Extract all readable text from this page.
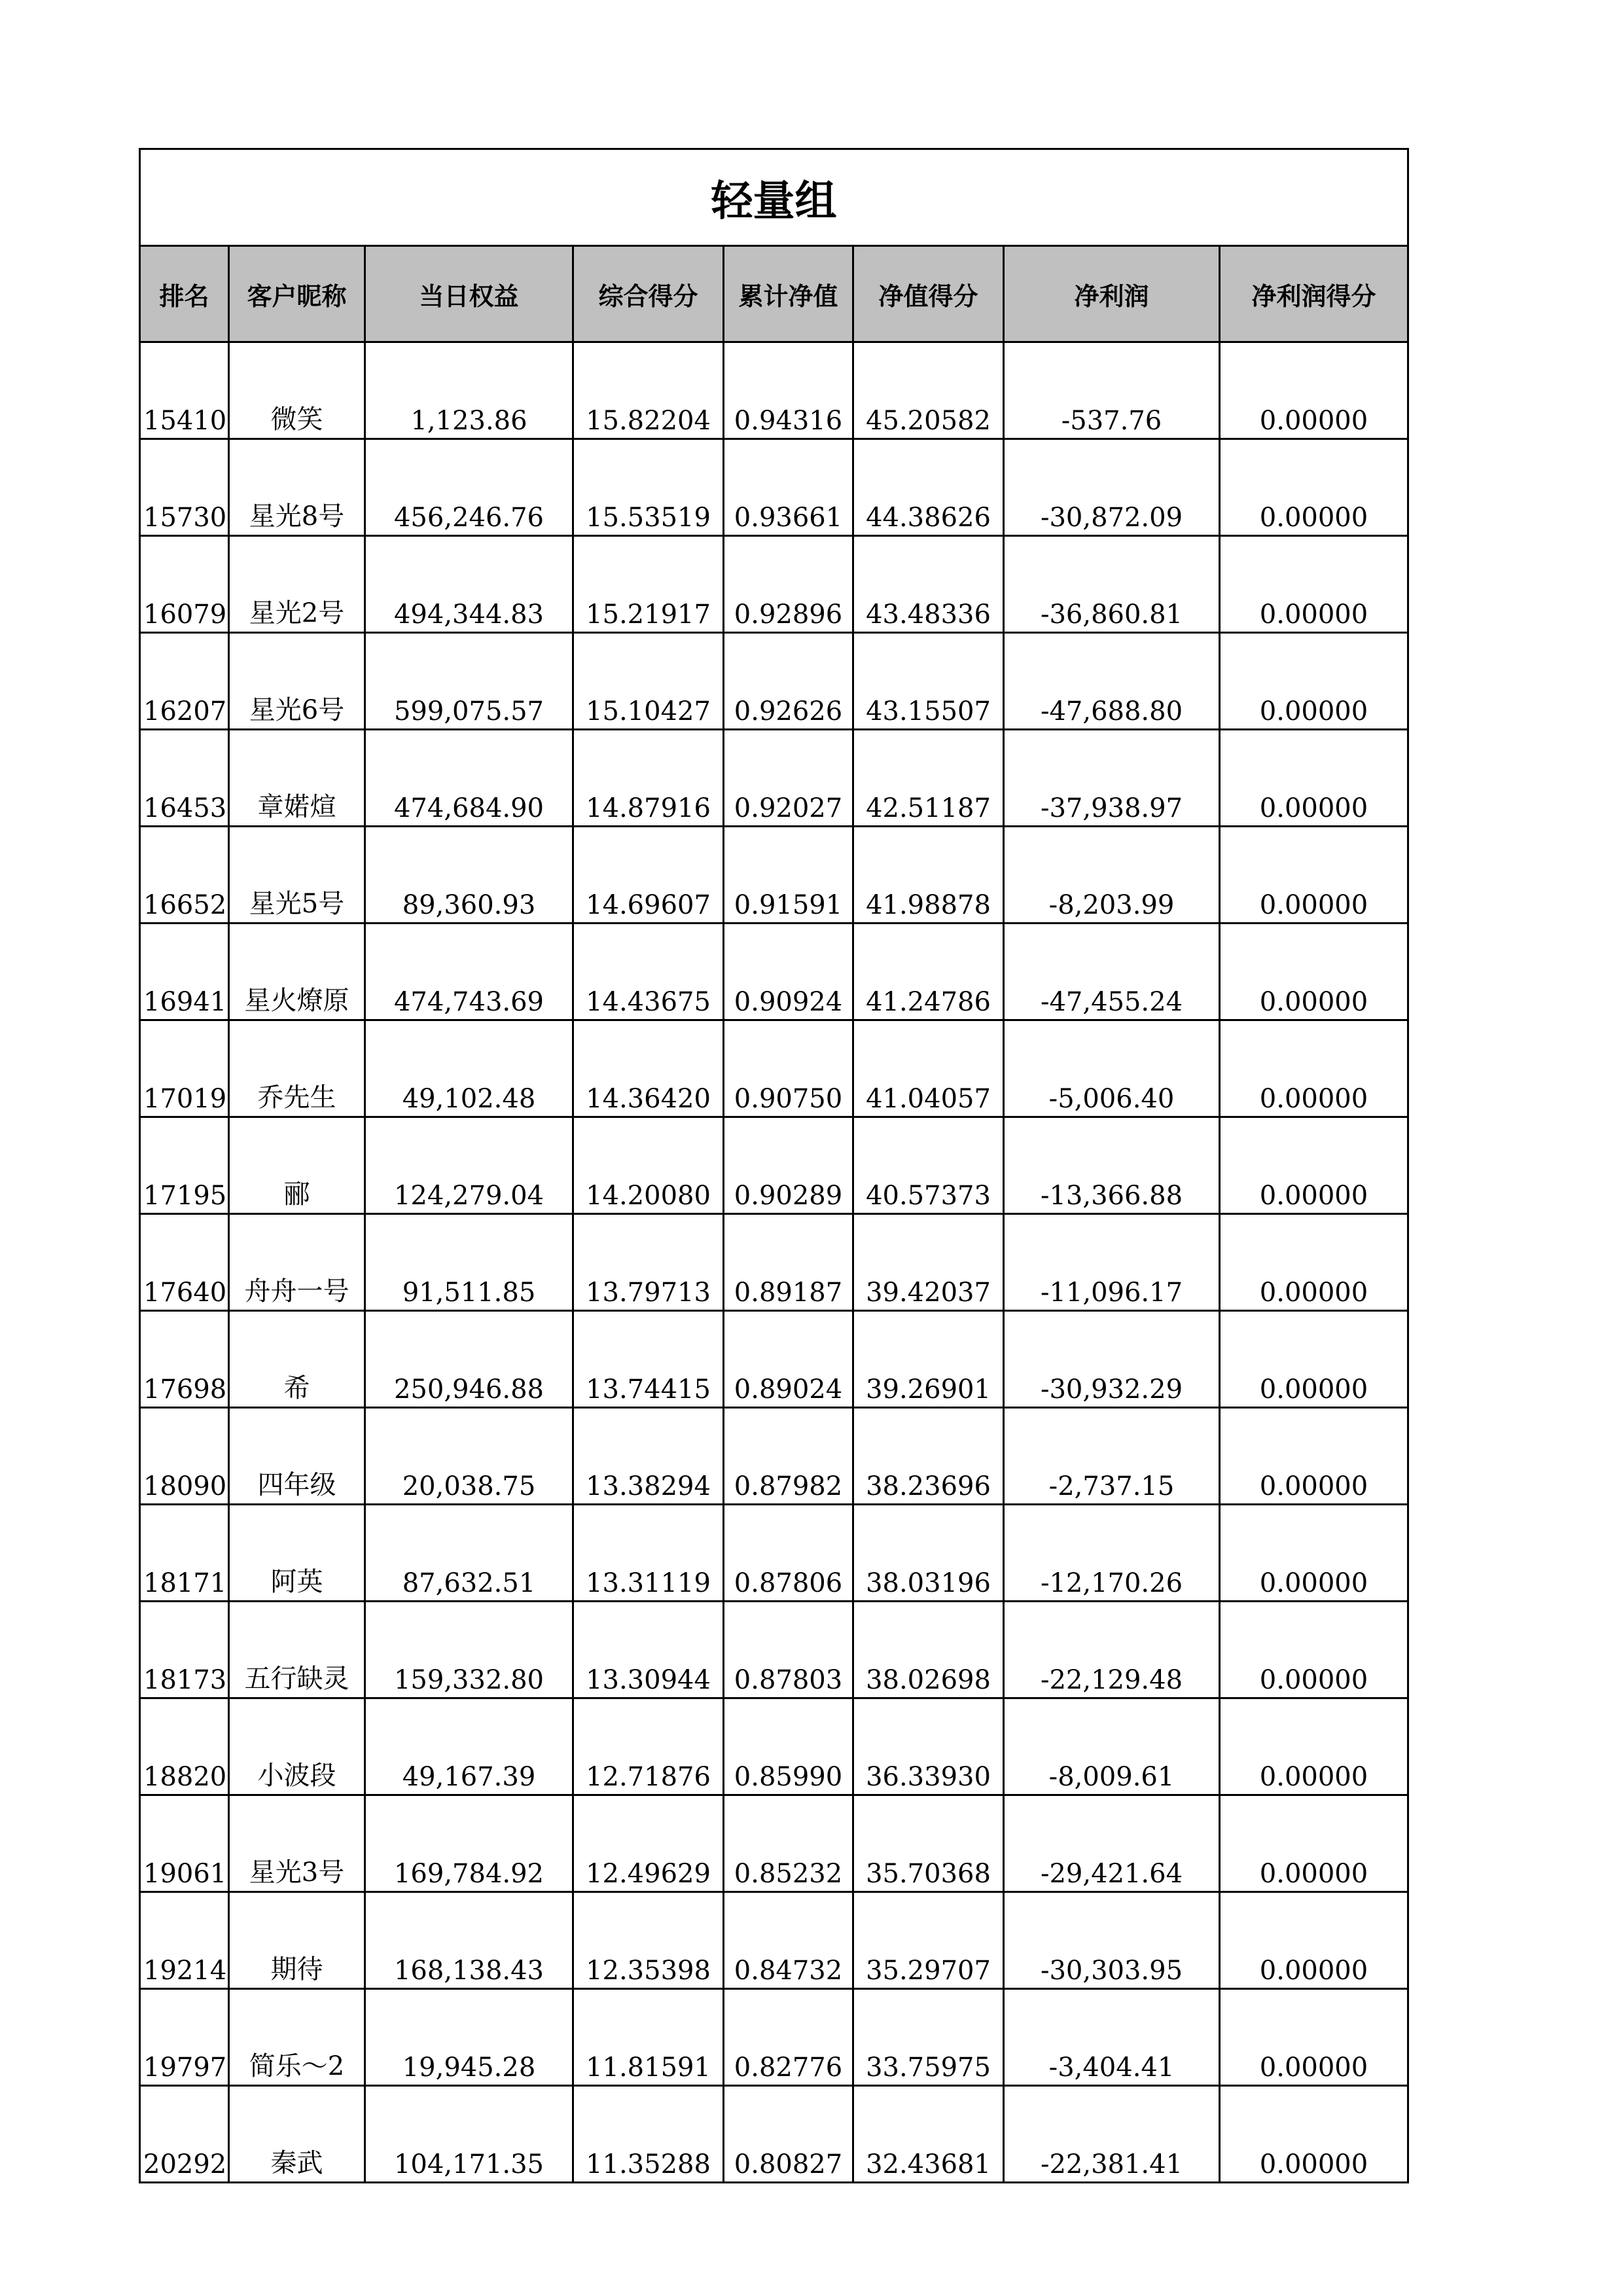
轻量组							
排名	客户昵称	当日权益	综合得分	累计净值	净值得分	净利润	净利润得分
15410	微笑	1,123.86	15.82204	0.94316	45.20582	-537.76	0.00000
15730	星光8号	456,246.76	15.53519	0.93661	44.38626	-30,872.09	0.00000
16079	星光2号	494,344.83	15.21917	0.92896	43.48336	-36,860.81	0.00000
16207	星光6号	599,075.57	15.10427	0.92626	43.15507	-47,688.80	0.00000
16453	章婼煊	474,684.90	14.87916	0.92027	42.51187	-37,938.97	0.00000
16652	星光5号	89,360.93	14.69607	0.91591	41.98878	-8,203.99	0.00000
16941	星火燎原	474,743.69	14.43675	0.90924	41.24786	-47,455.24	0.00000
17019	乔先生	49,102.48	14.36420	0.90750	41.04057	-5,006.40	0.00000
17195	郦	124,279.04	14.20080	0.90289	40.57373	-13,366.88	0.00000
17640	舟舟一号	91,511.85	13.79713	0.89187	39.42037	-11,096.17	0.00000
17698	希	250,946.88	13.74415	0.89024	39.26901	-30,932.29	0.00000
18090	四年级	20,038.75	13.38294	0.87982	38.23696	-2,737.15	0.00000
18171	阿英	87,632.51	13.31119	0.87806	38.03196	-12,170.26	0.00000
18173	五行缺灵	159,332.80	13.30944	0.87803	38.02698	-22,129.48	0.00000
18820	小波段	49,167.39	12.71876	0.85990	36.33930	-8,009.61	0.00000
19061	星光3号	169,784.92	12.49629	0.85232	35.70368	-29,421.64	0.00000
19214	期待	168,138.43	12.35398	0.84732	35.29707	-30,303.95	0.00000
19797	简乐～2	19,945.28	11.81591	0.82776	33.75975	-3,404.41	0.00000
20292	秦武	104,171.35	11.35288	0.80827	32.43681	-22,381.41	0.00000
